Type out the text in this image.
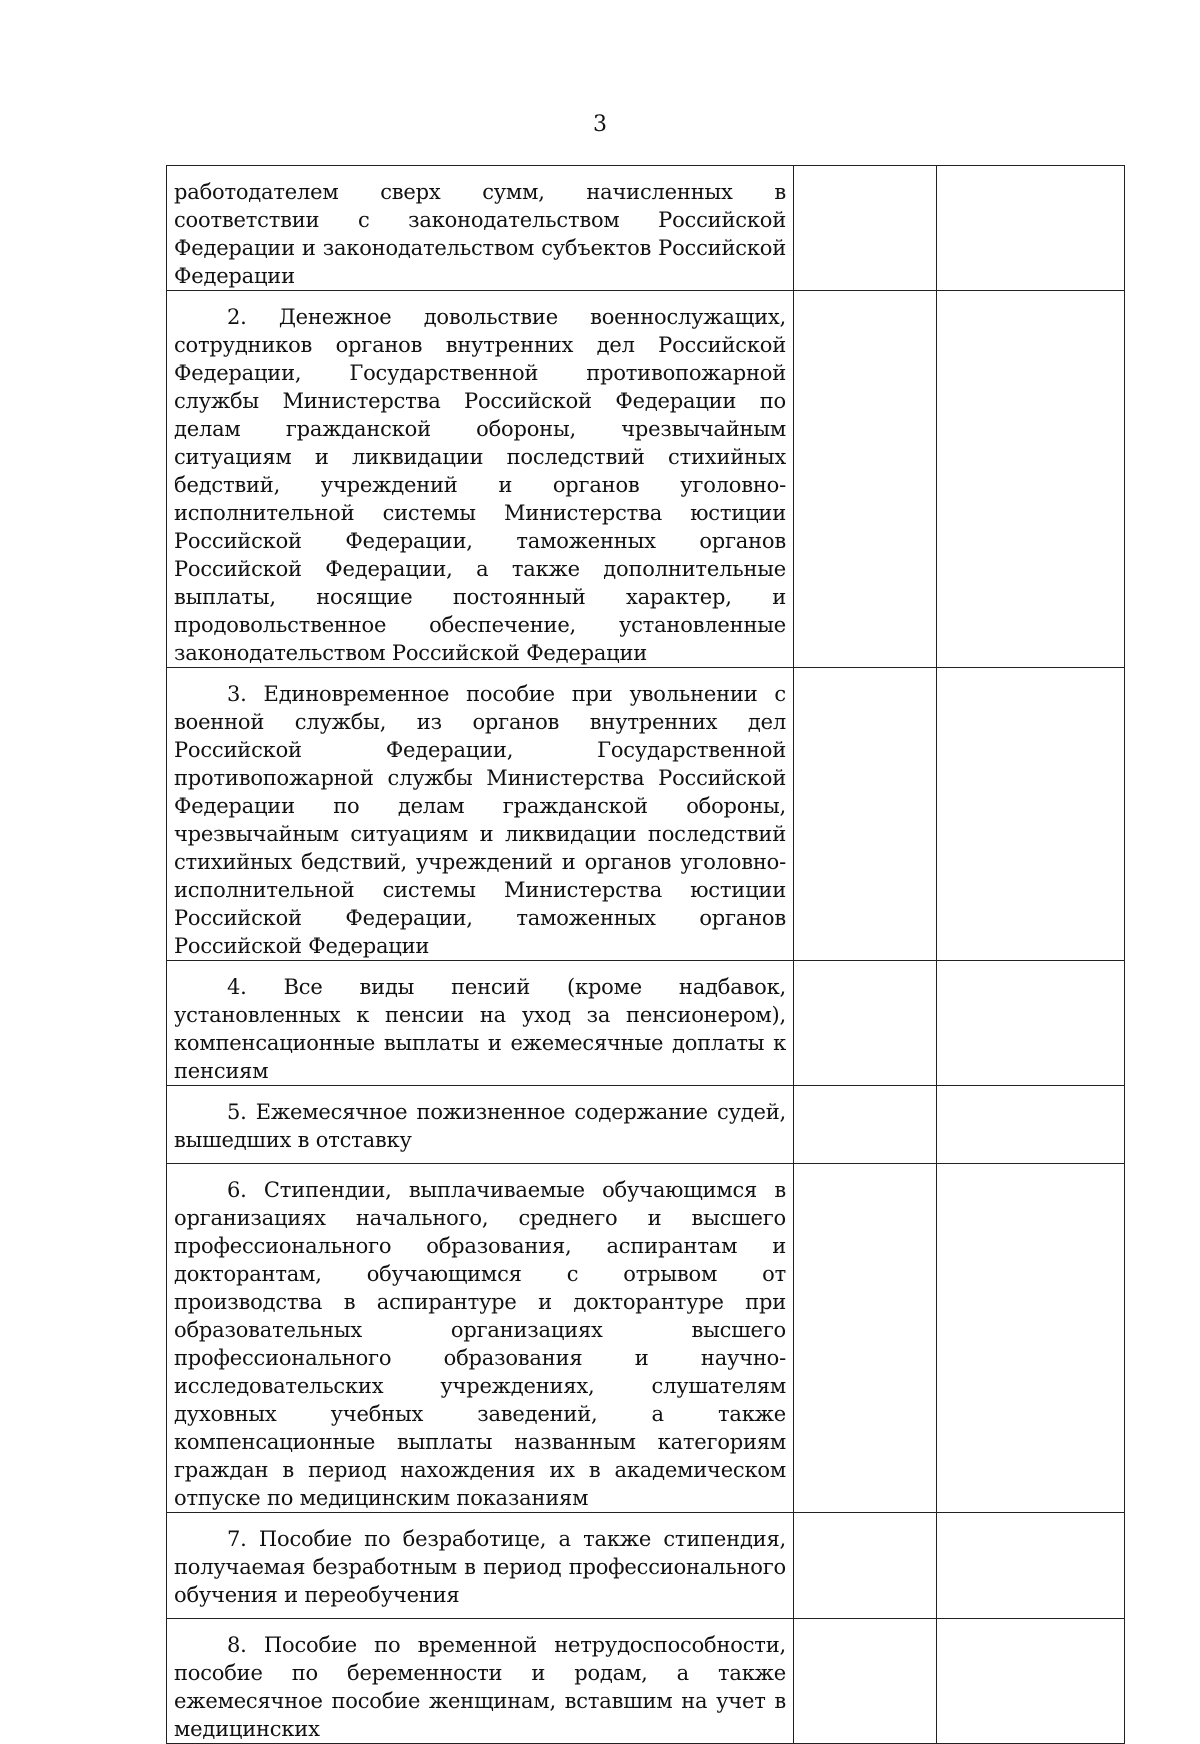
3
работодателем сверх сумм, начисленных в соответствии с законодательством Российской Федерации и законодательством субъектов Российской Федерации		

2. Денежное довольствие военнослужащих, сотрудников органов внутренних дел Российской Федерации, Государственной противопожарной службы Министерства Российской Федерации по делам гражданской обороны, чрезвычайным ситуациям и ликвидации последствий стихийных бедствий, учреждений и органов уголовно-исполнительной системы Министерства юстиции Российской Федерации, таможенных органов Российской Федерации, а также дополнительные выплаты, носящие постоянный характер, и продовольственное обеспечение, установленные законодательством Российской Федерации		

3. Единовременное пособие при увольнении с военной службы, из органов внутренних дел Российской Федерации, Государственной противопожарной службы Министерства Российской Федерации по делам гражданской обороны, чрезвычайным ситуациям и ликвидации последствий стихийных бедствий, учреждений и органов уголовно-исполнительной системы Министерства юстиции Российской Федерации, таможенных органов Российской Федерации		

4. Все виды пенсий (кроме надбавок, установленных к пенсии на уход за пенсионером), компенсационные выплаты и ежемесячные доплаты к пенсиям		

5. Ежемесячное пожизненное содержание судей, вышедших в отставку		

6. Стипендии, выплачиваемые обучающимся в организациях начального, среднего и высшего профессионального образования, аспирантам и докторантам, обучающимся с отрывом от производства в аспирантуре и докторантуре при образовательных организациях высшего профессионального образования и научно-исследовательских учреждениях, слушателям духовных учебных заведений, а также компенсационные выплаты названным категориям граждан в период нахождения их в академическом отпуске по медицинским показаниям		

7. Пособие по безработице, а также стипендия, получаемая безработным в период профессионального обучения и переобучения		

8. Пособие по временной нетрудоспособности, пособие по беременности и родам, а также ежемесячное пособие женщинам, вставшим на учет в медицинских		
